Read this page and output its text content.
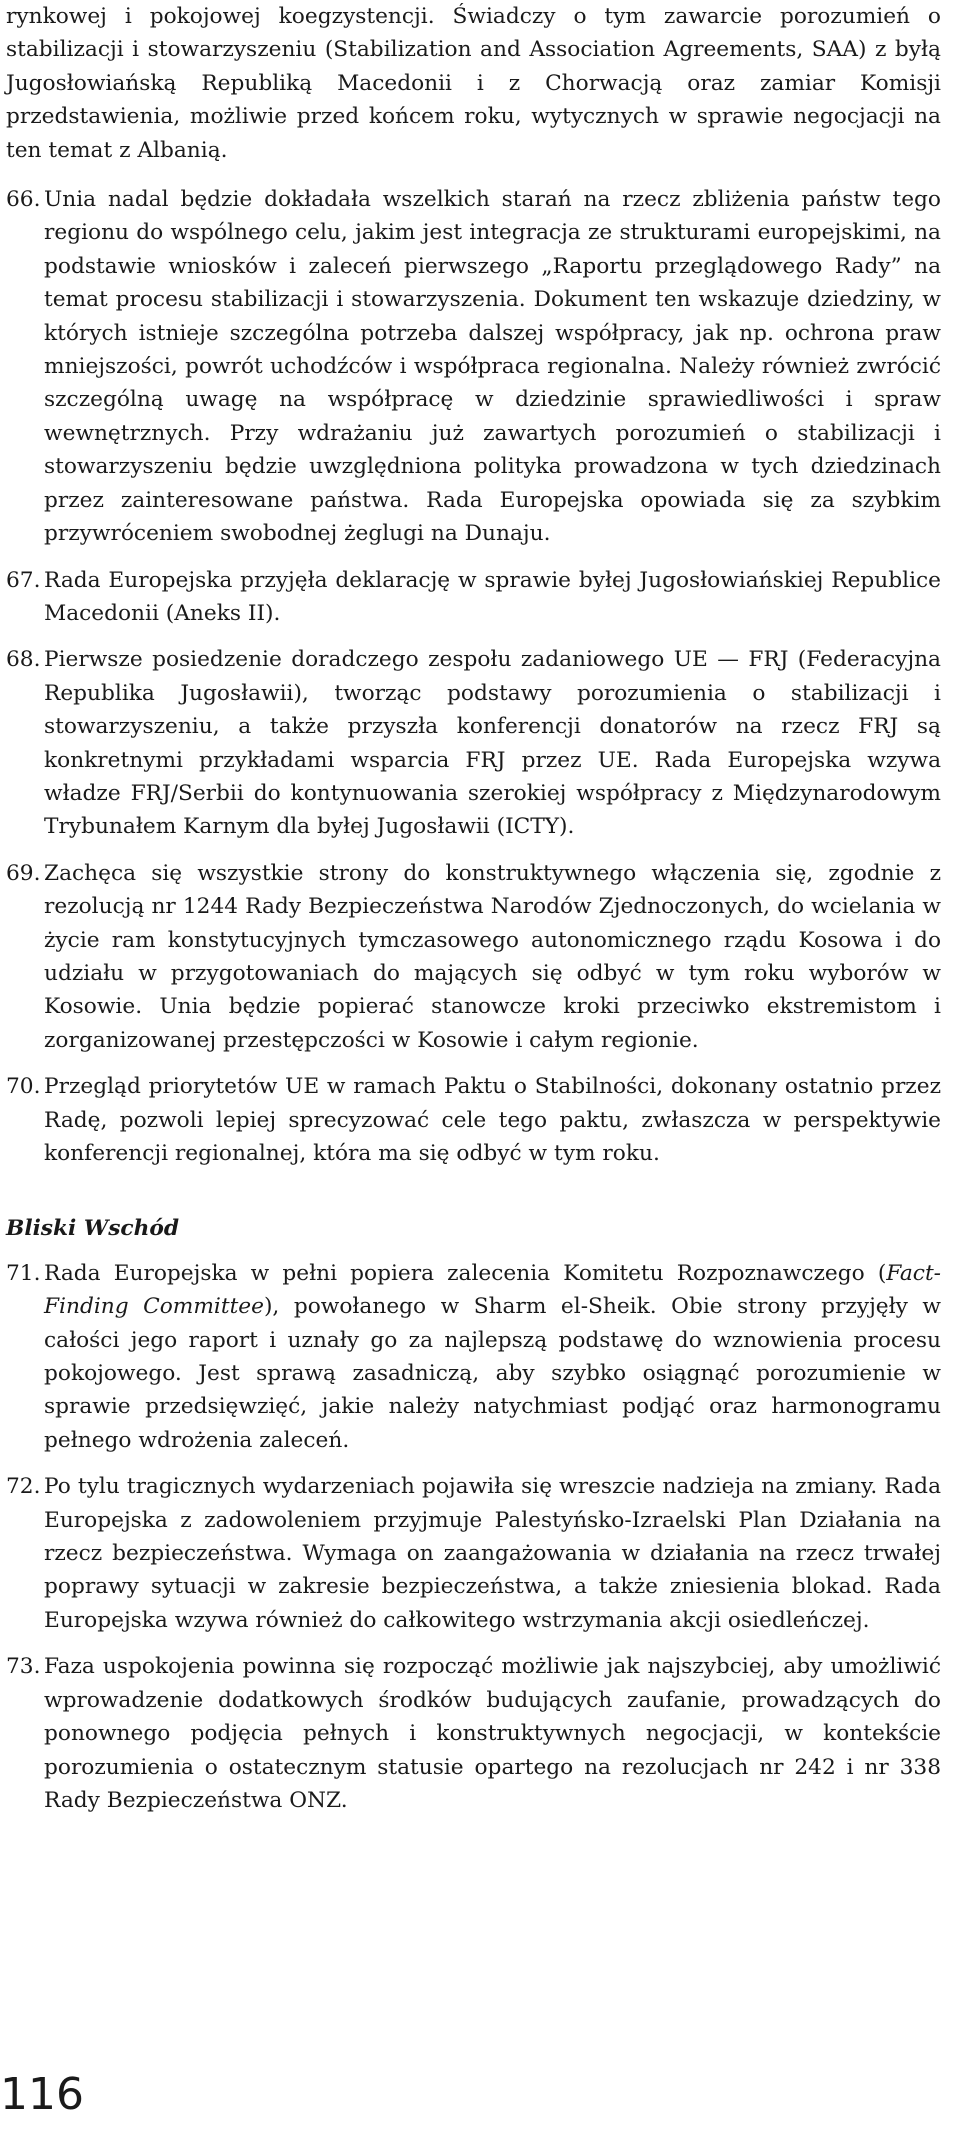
rynkowej i pokojowej koegzystencji. Świadczy o tym zawarcie porozumień o stabilizacji i stowarzyszeniu (Stabilization and Association Agreements, SAA) z byłą Jugosłowiańską Republiką Macedonii i z Chorwacją oraz zamiar Komisji przedstawienia, możliwie przed końcem roku, wytycznych w sprawie negocjacji na ten temat z Albanią.

66. Unia nadal będzie dokładała wszelkich starań na rzecz zbliżenia państw tego regionu do wspólnego celu, jakim jest integracja ze strukturami europejskimi, na podstawie wniosków i zaleceń pierwszego „Raportu przeglądowego Rady” na temat procesu stabilizacji i stowarzyszenia. Dokument ten wskazuje dziedziny, w których istnieje szczególna potrzeba dalszej współpracy, jak np. ochrona praw mniejszości, powrót uchodźców i współpraca regionalna. Należy również zwrócić szczególną uwagę na współpracę w dziedzinie sprawiedliwości i spraw wewnętrznych. Przy wdrażaniu już zawartych porozumień o stabilizacji i stowarzyszeniu będzie uwzględniona polityka prowadzona w tych dziedzinach przez zainteresowane państwa. Rada Europejska opowiada się za szybkim przywróceniem swobodnej żeglugi na Dunaju.
67. Rada Europejska przyjęła deklarację w sprawie byłej Jugosłowiańskiej Republice Macedonii (Aneks II).
68. Pierwsze posiedzenie doradczego zespołu zadaniowego UE — FRJ (Federacyjna Republika Jugosławii), tworząc podstawy porozumienia o stabilizacji i stowarzyszeniu, a także przyszła konferencji donatorów na rzecz FRJ są konkretnymi przykładami wsparcia FRJ przez UE. Rada Europejska wzywa władze FRJ/Serbii do kontynuowania szerokiej współpracy z Międzynarodowym Trybunałem Karnym dla byłej Jugosławii (ICTY).
69. Zachęca się wszystkie strony do konstruktywnego włączenia się, zgodnie z rezolucją nr 1244 Rady Bezpieczeństwa Narodów Zjednoczonych, do wcielania w życie ram konstytucyjnych tymczasowego autonomicznego rządu Kosowa i do udziału w przygotowaniach do mających się odbyć w tym roku wyborów w Kosowie. Unia będzie popierać stanowcze kroki przeciwko ekstremistom i zorganizowanej przestępczości w Kosowie i całym regionie.
70. Przegląd priorytetów UE w ramach Paktu o Stabilności, dokonany ostatnio przez Radę, pozwoli lepiej sprecyzować cele tego paktu, zwłaszcza w perspektywie konferencji regionalnej, która ma się odbyć w tym roku.

Bliski Wschód

71. Rada Europejska w pełni popiera zalecenia Komitetu Rozpoznawczego (Fact-Finding Committee), powołanego w Sharm el-Sheik. Obie strony przyjęły w całości jego raport i uznały go za najlepszą podstawę do wznowienia procesu pokojowego. Jest sprawą zasadniczą, aby szybko osiągnąć porozumienie w sprawie przedsięwzięć, jakie należy natychmiast podjąć oraz harmonogramu pełnego wdrożenia zaleceń.
72. Po tylu tragicznych wydarzeniach pojawiła się wreszcie nadzieja na zmiany. Rada Europejska z zadowoleniem przyjmuje Palestyńsko-Izraelski Plan Działania na rzecz bezpieczeństwa. Wymaga on zaangażowania w działania na rzecz trwałej poprawy sytuacji w zakresie bezpieczeństwa, a także zniesienia blokad. Rada Europejska wzywa również do całkowitego wstrzymania akcji osiedleńczej.
73. Faza uspokojenia powinna się rozpocząć możliwie jak najszybciej, aby umożliwić wprowadzenie dodatkowych środków budujących zaufanie, prowadzących do ponownego podjęcia pełnych i konstruktywnych negocjacji, w kontekście porozumienia o ostatecznym statusie opartego na rezolucjach nr 242 i nr 338 Rady Bezpieczeństwa ONZ.
116
